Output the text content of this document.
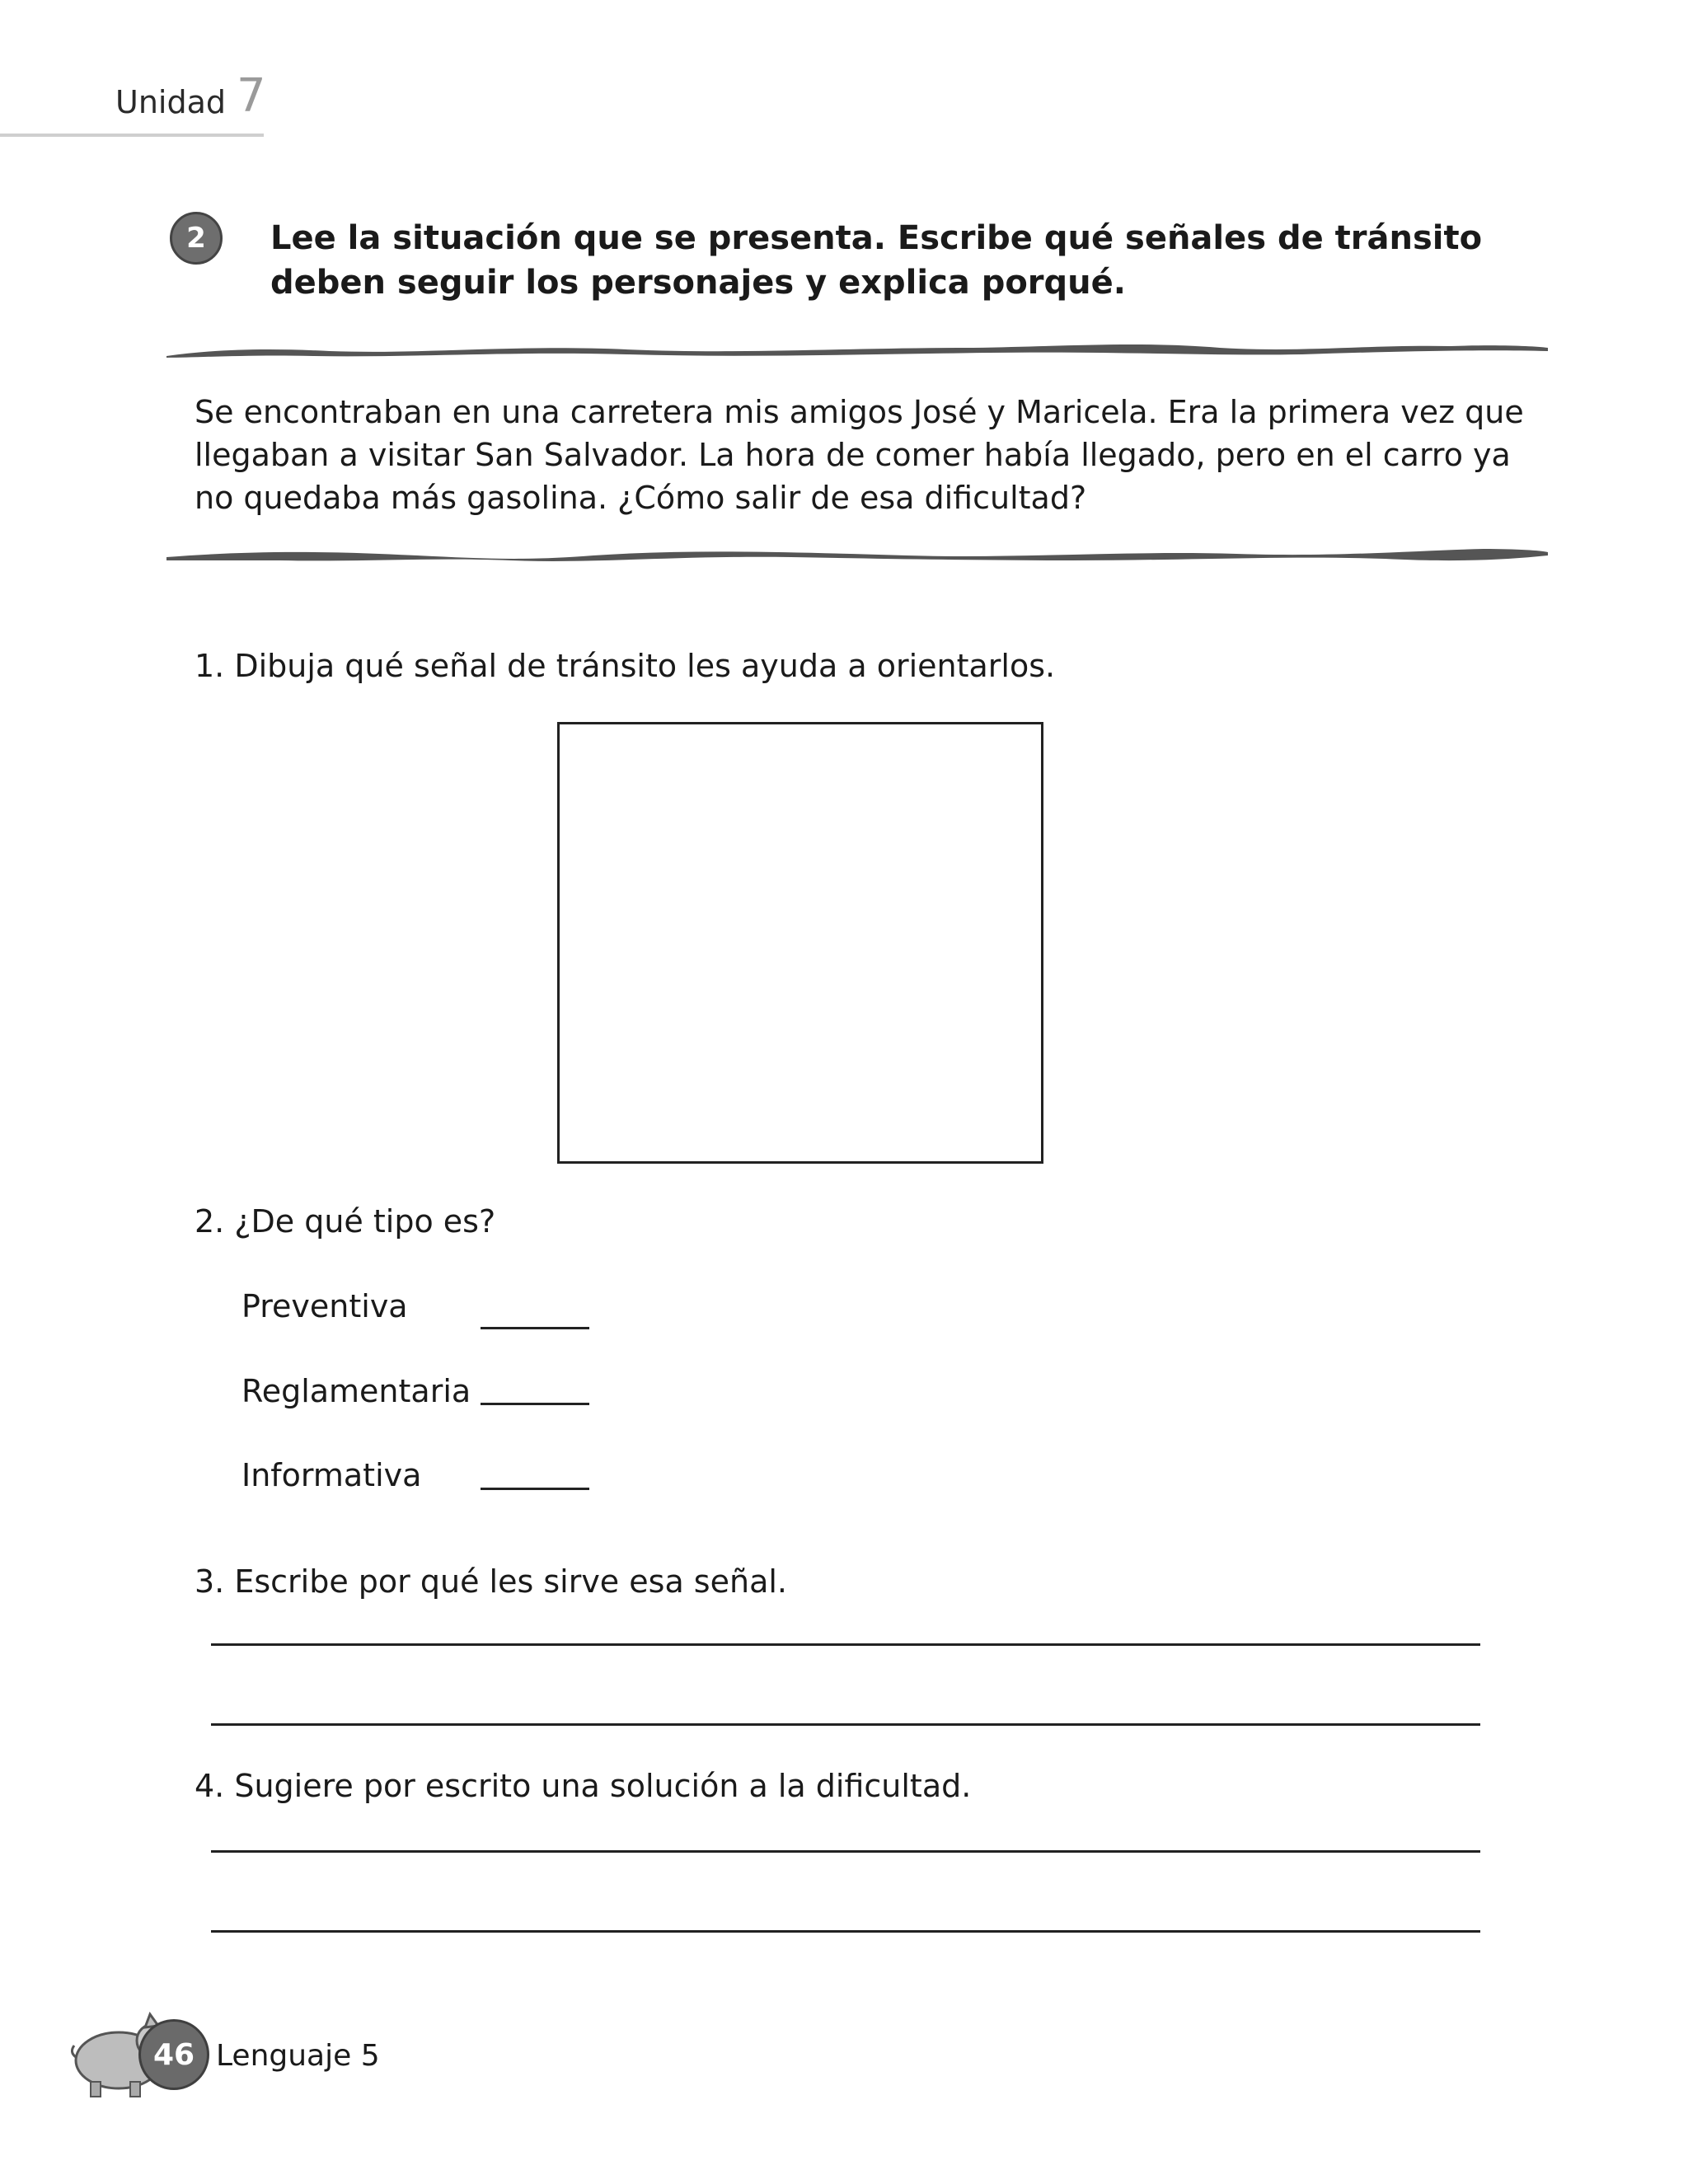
Unidad 7
2	Lee la situación que se presenta. Escribe qué señales de tránsito deben seguir los personajes y explica porqué.
Se encontraban en una carretera mis amigos José y Maricela. Era la primera vez que llegaban a visitar San Salvador. La hora de comer había llegado, pero en el carro ya no quedaba más gasolina. ¿Cómo salir de esa dificultad?
1. Dibuja qué señal de tránsito les ayuda a orientarlos.
2. ¿De qué tipo es?
Preventiva
Reglamentaria
Informativa
3. Escribe por qué les sirve esa señal.
4. Sugiere por escrito una solución a la dificultad.
46 Lenguaje 5
